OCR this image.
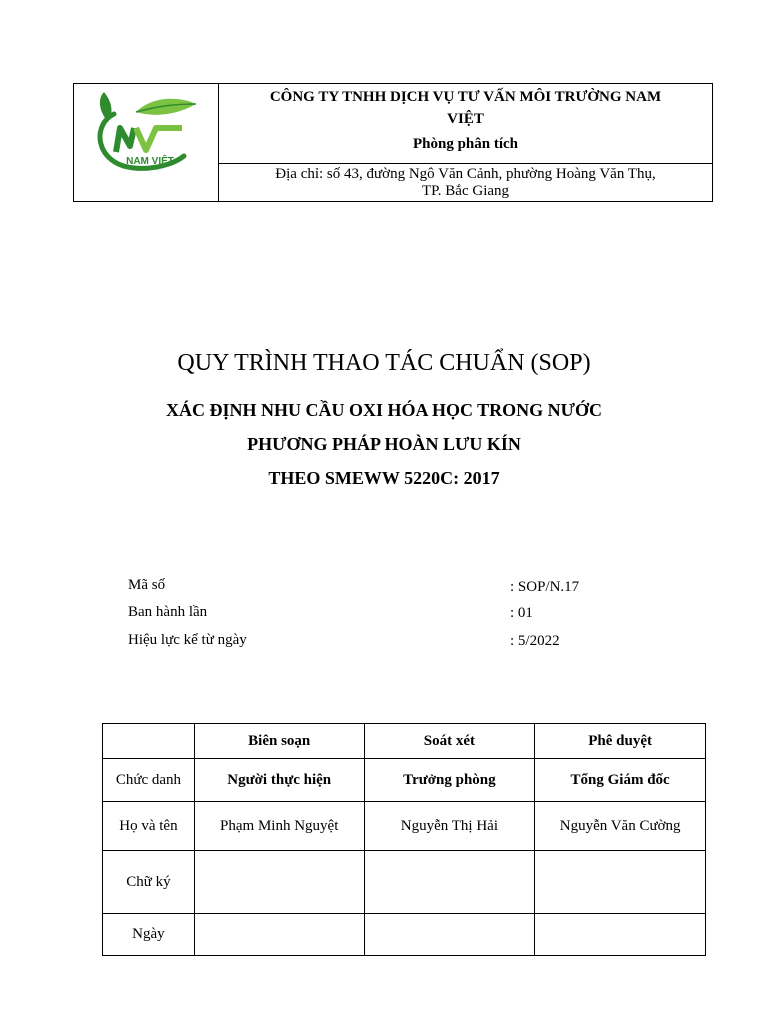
NAM VIỆT

CÔNG TY TNHH DỊCH VỤ TƯ VẤN MÔI TRƯỜNG NAM
VIỆT
Phòng phân tích

Địa chỉ: số 43, đường Ngô Văn Cảnh, phường Hoàng Văn Thụ,
TP. Bắc Giang
QUY TRÌNH THAO TÁC CHUẨN (SOP)
XÁC ĐỊNH NHU CẦU OXI HÓA HỌC TRONG NƯỚC
PHƯƠNG PHÁP HOÀN LƯU KÍN
THEO SMEWW 5220C: 2017
Mã số	: SOP/N.17
Ban hành lần	: 01
Hiệu lực kể từ ngày	: 5/2022
	Biên soạn	Soát xét	Phê duyệt
Chức danh	Người thực hiện	Trưởng phòng	Tổng Giám đốc
Họ và tên	Phạm Minh Nguyệt	Nguyễn Thị Hải	Nguyễn Văn Cường
Chữ ký			
Ngày			
